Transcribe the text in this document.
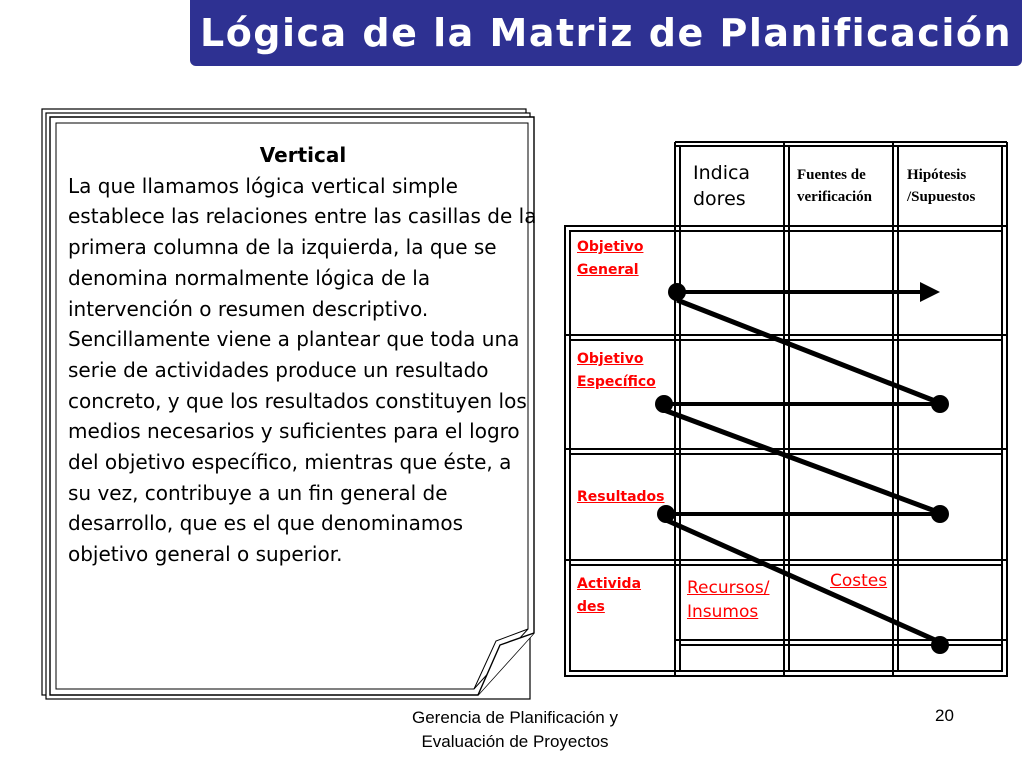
Lógica de la Matriz de Planificación
Vertical
La que llamamos lógica vertical simple establece las relaciones entre las casillas de la primera columna de la izquierda, la que se denomina normalmente lógica de la intervención o resumen descriptivo. Sencillamente viene a plantear que toda una serie de actividades produce un resultado concreto, y que los resultados constituyen los medios necesarios y suficientes para el logro del objetivo específico, mientras que éste, a su vez, contribuye a un fin general de desarrollo, que es el que denominamos objetivo general o superior.
Indica
dores
Fuentes de
verificación
Hipótesis
/Supuestos
Objetivo
General
Objetivo
Específico
Resultados
Activida
des
Recursos/
Insumos
Costes
Gerencia de Planificación y
Evaluación de Proyectos
20
